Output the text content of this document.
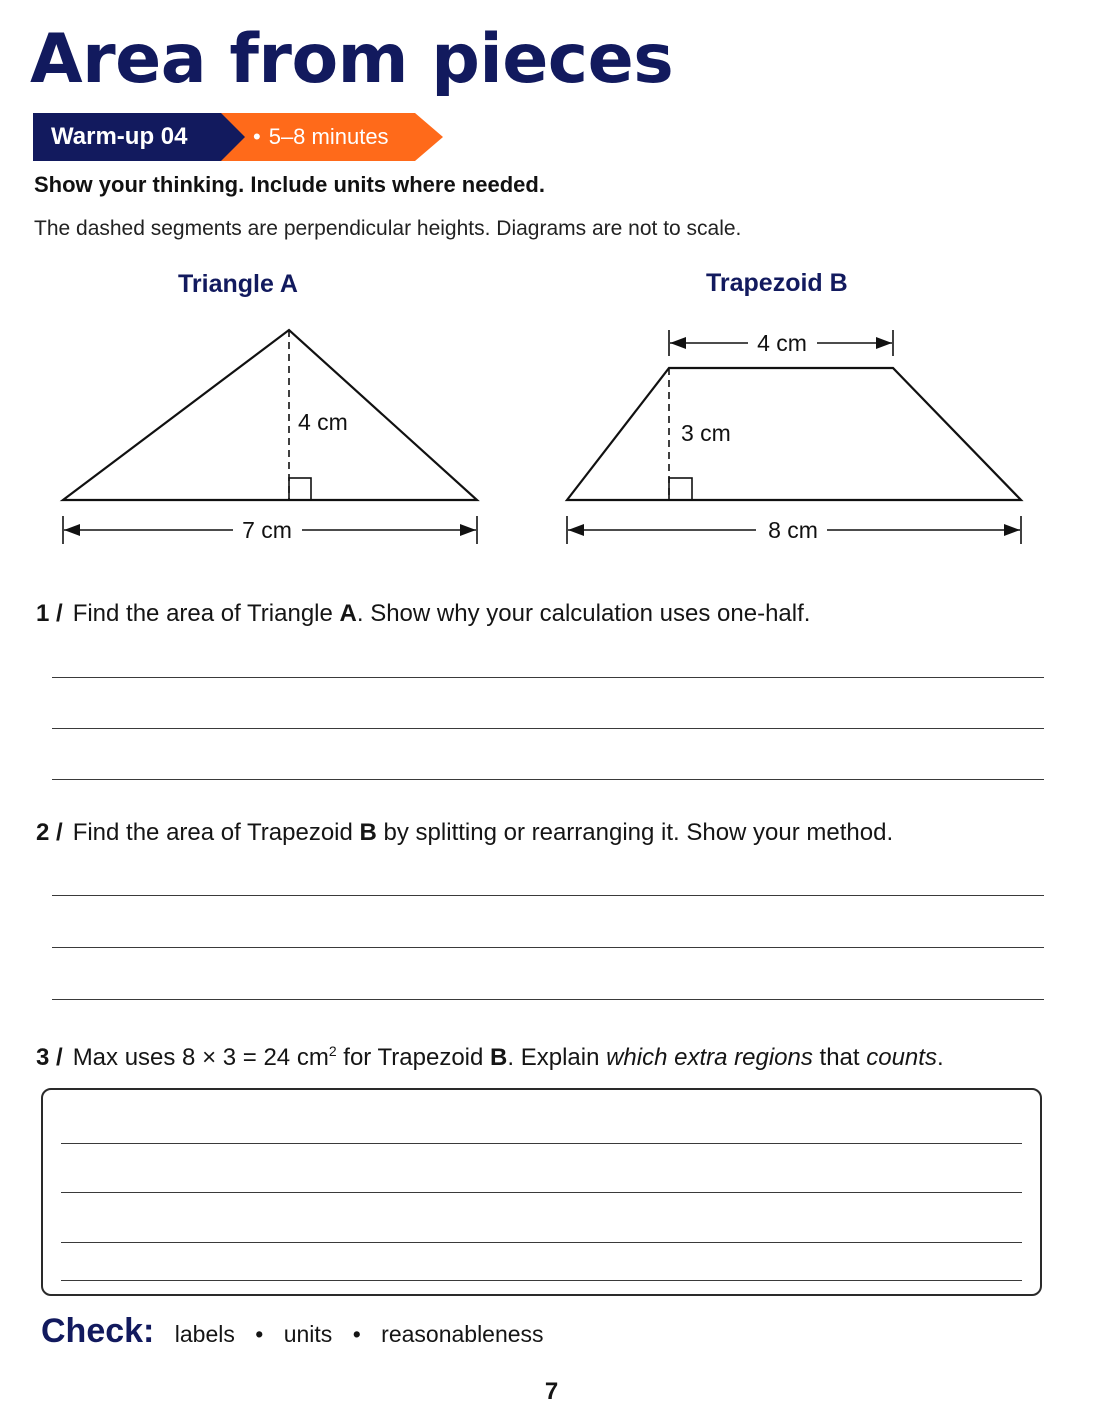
Area from pieces
Warm-up 04	• 5–8 minutes
Show your thinking. Include units where needed.
The dashed segments are perpendicular heights. Diagrams are not to scale.
Triangle A
4 cm
7 cm
Trapezoid B
4 cm
3 cm
8 cm
1 / Find the area of Triangle A. Show why your calculation uses one-half.
2 / Find the area of Trapezoid B by splitting or rearranging it. Show your method.
3 / Max uses 8 × 3 = 24 $cm^2$ for Trapezoid B. Explain which extra regions that counts.
Check: labels • units • reasonableness
7
